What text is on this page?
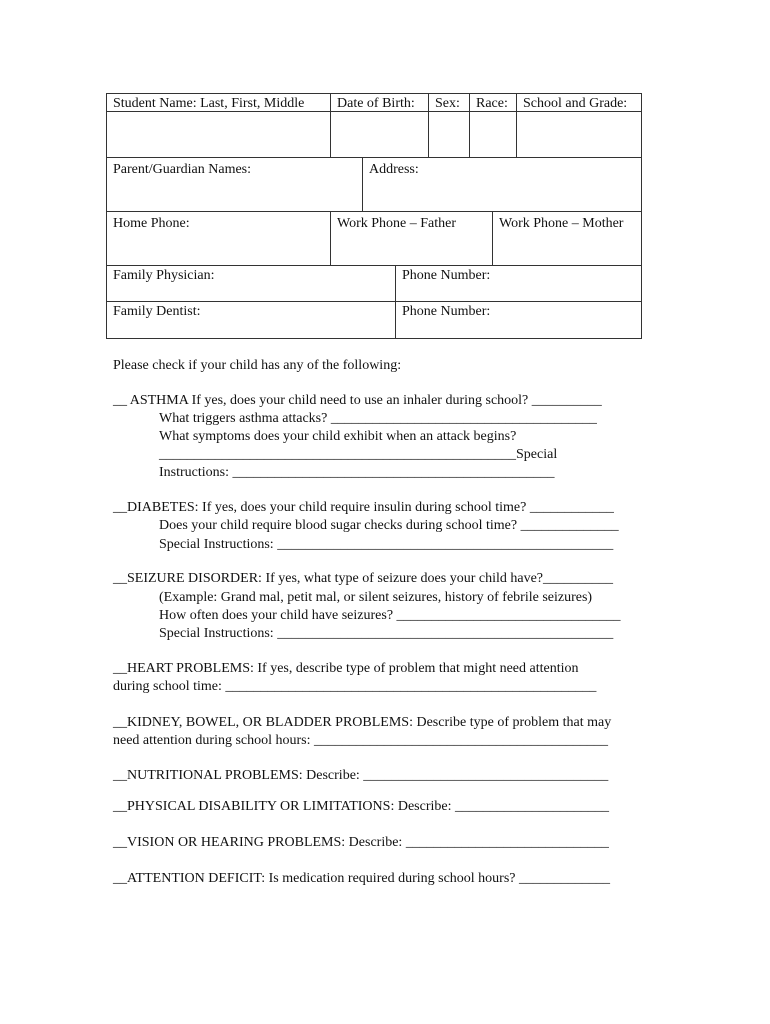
Student Name: Last, First, Middle	Date of Birth:	Sex:	Race:	School and Grade:
Parent/Guardian Names:	Address:
Home Phone:	Work Phone – Father	Work Phone – Mother
Family Physician:	Phone Number:
Family Dentist:	Phone Number:
Please check if your child has any of the following:
__ ASTHMA If yes, does your child need to use an inhaler during school? __________
What triggers asthma attacks? ______________________________________
What symptoms does your child exhibit when an attack begins?
___________________________________________________Special
Instructions: ______________________________________________
__DIABETES: If yes, does your child require insulin during school time? ____________
Does your child require blood sugar checks during school time? ______________
Special Instructions: ________________________________________________
__SEIZURE DISORDER: If yes, what type of seizure does your child have?__________
(Example: Grand mal, petit mal, or silent seizures, history of febrile seizures)
How often does your child have seizures? ________________________________
Special Instructions: ________________________________________________
__HEART PROBLEMS: If yes, describe type of problem that might need attention
during school time: _____________________________________________________
__KIDNEY, BOWEL, OR BLADDER PROBLEMS: Describe type of problem that may
need attention during school hours: __________________________________________
__NUTRITIONAL PROBLEMS: Describe: ___________________________________
__PHYSICAL DISABILITY OR LIMITATIONS: Describe: ______________________
__VISION OR HEARING PROBLEMS: Describe: _____________________________
__ATTENTION DEFICIT: Is medication required during school hours? _____________
